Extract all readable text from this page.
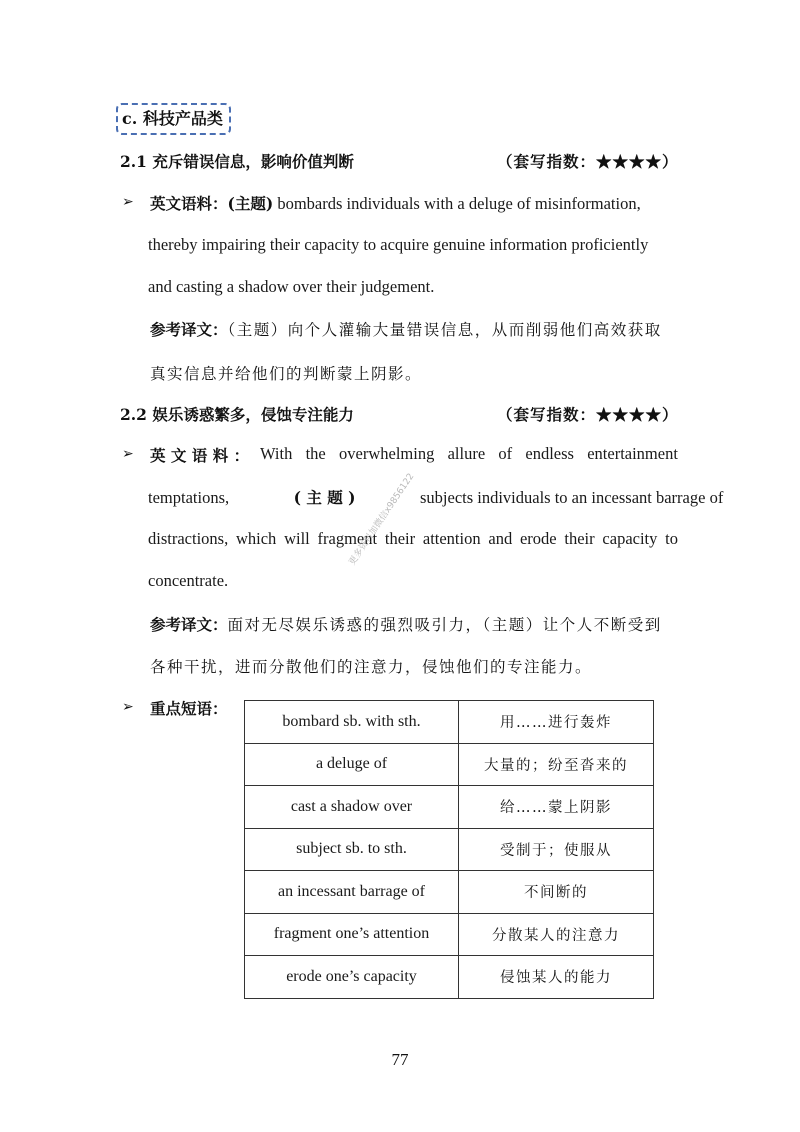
c. 科技产品类
2.1 充斥错误信息，影响价值判断	（套写指数：★★★★）
➢ 英文语料：(主题) bombards individuals with a deluge of misinformation,
thereby impairing their capacity to acquire genuine information proficiently
and casting a shadow over their judgement.
参考译文：（主题）向个人灌输大量错误信息，从而削弱他们高效获取
真实信息并给他们的判断蒙上阴影。
2.2 娱乐诱惑繁多，侵蚀专注能力	（套写指数：★★★★）
➢ 英 文 语 料 ： With the overwhelming allure of endless entertainment
temptations,	( 主 题 )	subjects individuals to an incessant barrage of
distractions, which will fragment their attention and erode their capacity to
concentrate.
参考译文：面对无尽娱乐诱惑的强烈吸引力，（主题）让个人不断受到
各种干扰，进而分散他们的注意力，侵蚀他们的专注能力。
➢ 重点短语：
bombard sb. with sth.	用……进行轰炸
a deluge of	大量的；纷至沓来的
cast a shadow over	给……蒙上阴影
subject sb. to sth.	受制于；使服从
an incessant barrage of	不间断的
fragment one’s attention	分散某人的注意力
erode one’s capacity	侵蚀某人的能力
更多资料加微信x9856122
77
